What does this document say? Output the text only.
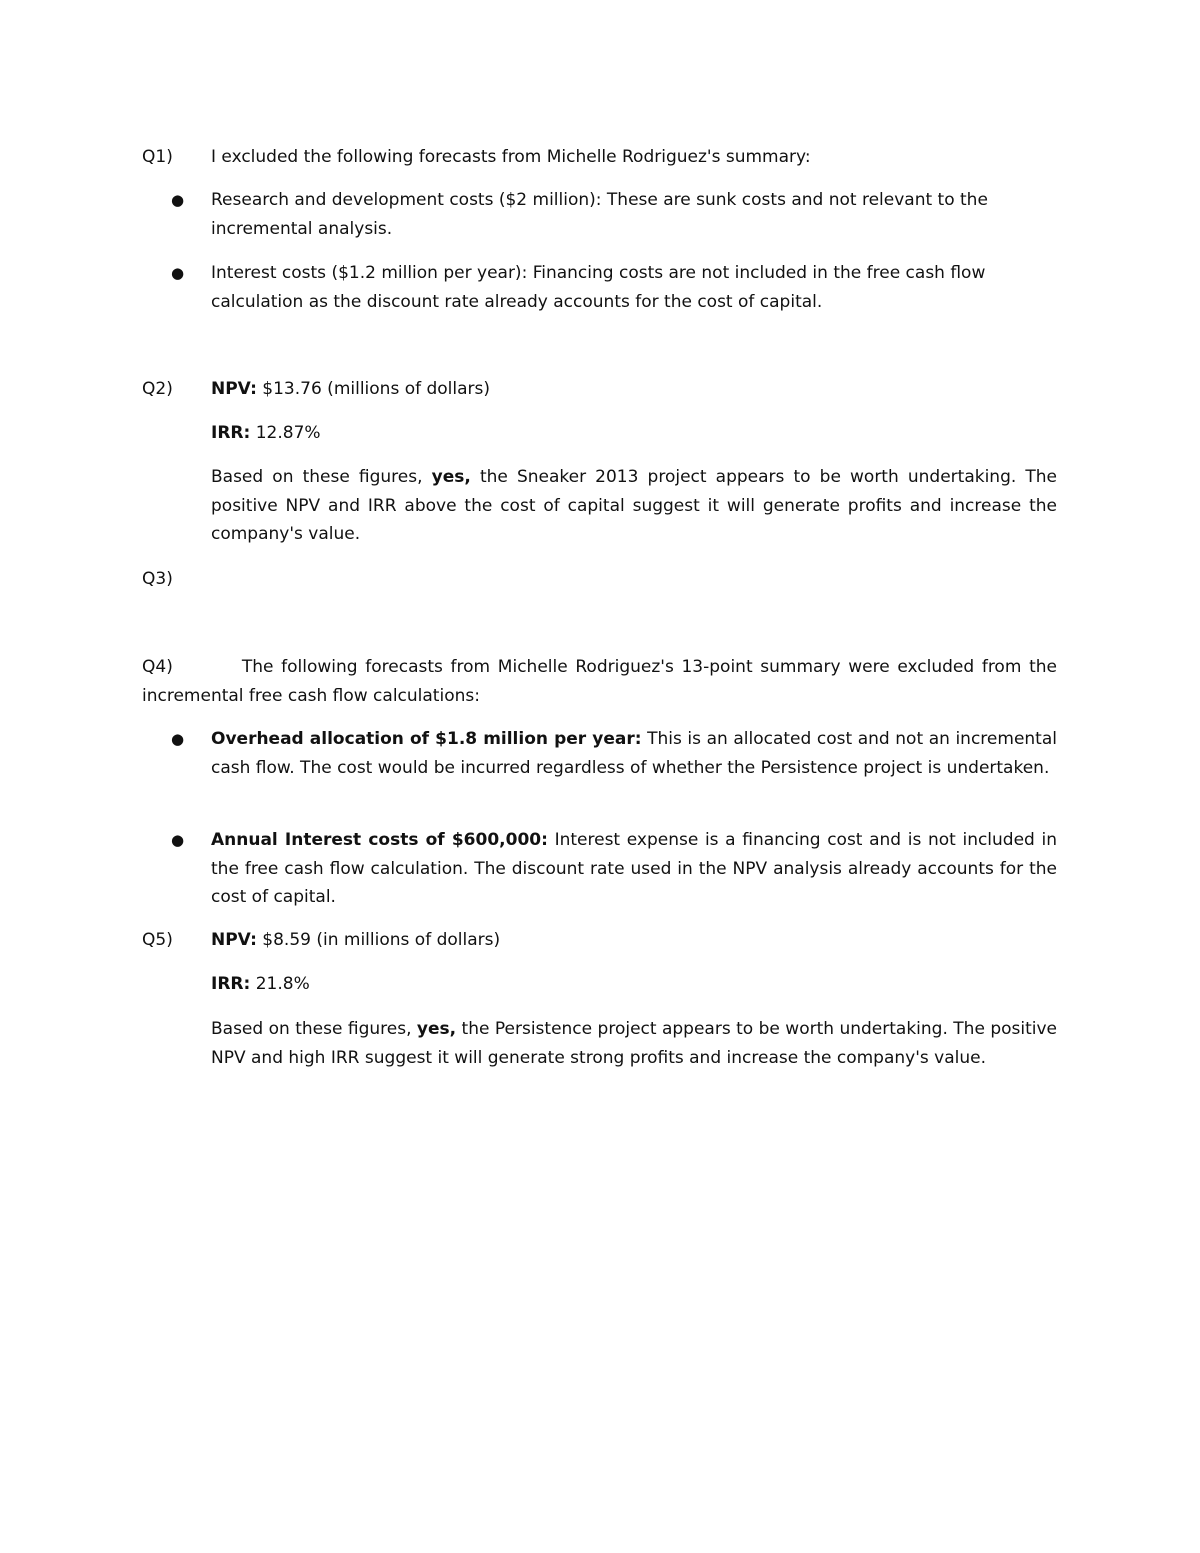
Q1) I excluded the following forecasts from Michelle Rodriguez's summary:
● Research and development costs ($2 million): These are sunk costs and not relevant to the incremental analysis.
● Interest costs ($1.2 million per year): Financing costs are not included in the free cash flow calculation as the discount rate already accounts for the cost of capital.
Q2) NPV: $13.76 (millions of dollars)
IRR: 12.87%
Based on these figures, yes, the Sneaker 2013 project appears to be worth undertaking. The positive NPV and IRR above the cost of capital suggest it will generate profits and increase the company's value.
Q3)
Q4)	The following forecasts from Michelle Rodriguez's 13-point summary were excluded from the incremental free cash flow calculations:
● Overhead allocation of $1.8 million per year: This is an allocated cost and not an incremental cash flow. The cost would be incurred regardless of whether the Persistence project is undertaken.
● Annual Interest costs of $600,000: Interest expense is a financing cost and is not included in the free cash flow calculation. The discount rate used in the NPV analysis already accounts for the cost of capital.
Q5) NPV: $8.59 (in millions of dollars)
IRR: 21.8%
Based on these figures, yes, the Persistence project appears to be worth undertaking. The positive NPV and high IRR suggest it will generate strong profits and increase the company's value.
